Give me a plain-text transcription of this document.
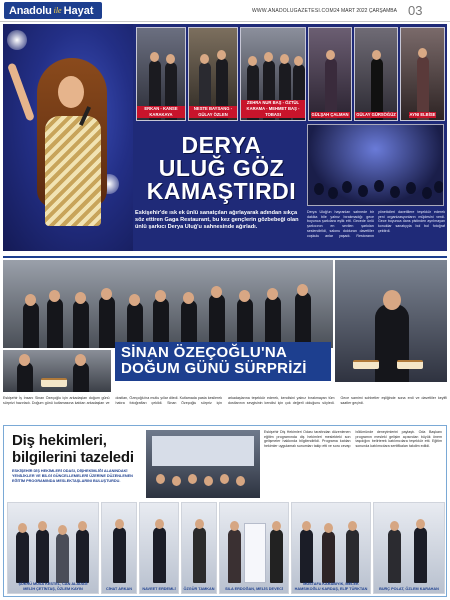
Anadolu ile Hayat	WWW.ANADOLUGAZETESI.COM 24 MART 2022 ÇARŞAMBA 03
ERKAN - KANSE KARAKAYA
NESTE BAYSANG - GÜLAY ÖZLEN
ZEHRA NUR BAŞ - ÖZTÜL KARAMA - MEHMET BAŞ - TOBASI	GÜLŞAH ÇALMAN GÜLAY GÜRSÖĞÜZ	AYNI ELBİSE
DERYA
ULUĞ GÖZ
KAMAŞTIRDI
Eskişehir'de ısk ek ünlü sanatçıları ağırlayarak adından sıkça söz ettiren Gaga Restaurant, bu kez gençlerin gözbebeği olan ünlü şarkıcı Derya Uluğ'u sahnesinde ağırladı.
Derya Uluğ'un hayranları sahnede bir dakika bile yalnız bırakmadığı gece boyunca şarkılara eşlik etti. Gecede ünlü şarkıcının en sevilen şarkıları seslendirildi, salonu dolduran davetliler coşkulu anlar yaşadı. Restoranın yöneticileri davetlilere teşekkür ederek yeni organizasyonların müjdesini verdi. Gece boyunca dans pistinden ayrılmayan konuklar sanatçıyla bol bol fotoğraf çektirdi.
SİNAN ÖZEÇOĞLU'NA
DOĞUM GÜNÜ SÜRPRİZİ
Eskişehir İş İnsanı Sinan Özeçoğlu için arkadaşları doğum günü sürprizi hazırladı. Doğum günü kutlamasına katılan arkadaşları ve dostları, Özeçoğlu'na mutlu yıllar diledi. Kutlamada pasta kesilerek hatıra fotoğrafları çekildi. Sinan Özeçoğlu sürpriz için arkadaşlarına teşekkür ederek, kendisini yalnız bırakmayan tüm dostlarının sevgisinin kendisi için çok değerli olduğunu söyledi. Gece samimi sohbetler eşliğinde sona erdi ve davetliler keyifli saatler geçirdi.
Diş hekimleri,
bilgilerini tazeledi
ESKİŞEHİR DİŞ HEKİMLERİ ODASI, DİŞHEKİMLİĞİ ALANINDAKİ YENİLİKLER VE BİLGİ GÜNCELLEMELERİ ÜZERİNE DÜZENLENEN EĞİTİM PROGRAMINDA MESLEKTAŞLARINI BULUŞTURDU.
Eskişehir Diş Hekimleri Odası tarafından düzenlenen eğitim programında diş hekimleri meslekteki son gelişmeler hakkında bilgilendirildi. Programa katılan hekimler uygulamalı sunumları takip etti ve soru cevap bölümünde deneyimlerini paylaştı. Oda Başkanı programın mesleki gelişim açısından büyük önem taşıdığını belirterek katılımcılara teşekkür etti. Eğitim sonunda katılımcılara sertifikaları takdim edildi.
ŞÜKRÜ MUSA KESTEL, CAN ALADAĞ
MELİH ÇETİNTAŞ, ÖZLEM KAYIN	CİHAT ARKAN	NAVEET ERDEMLİ	ÖZGÜR TAMKAN	SILA ERDOĞAN, MELİS DEVECİ
MUSTAFA KARABIYIK, MELEK
HAMSIKOĞLU KARDAŞ, ELİF TÜRKTAN	BURÇ POLAT, ÖZLEM KARAHAN
